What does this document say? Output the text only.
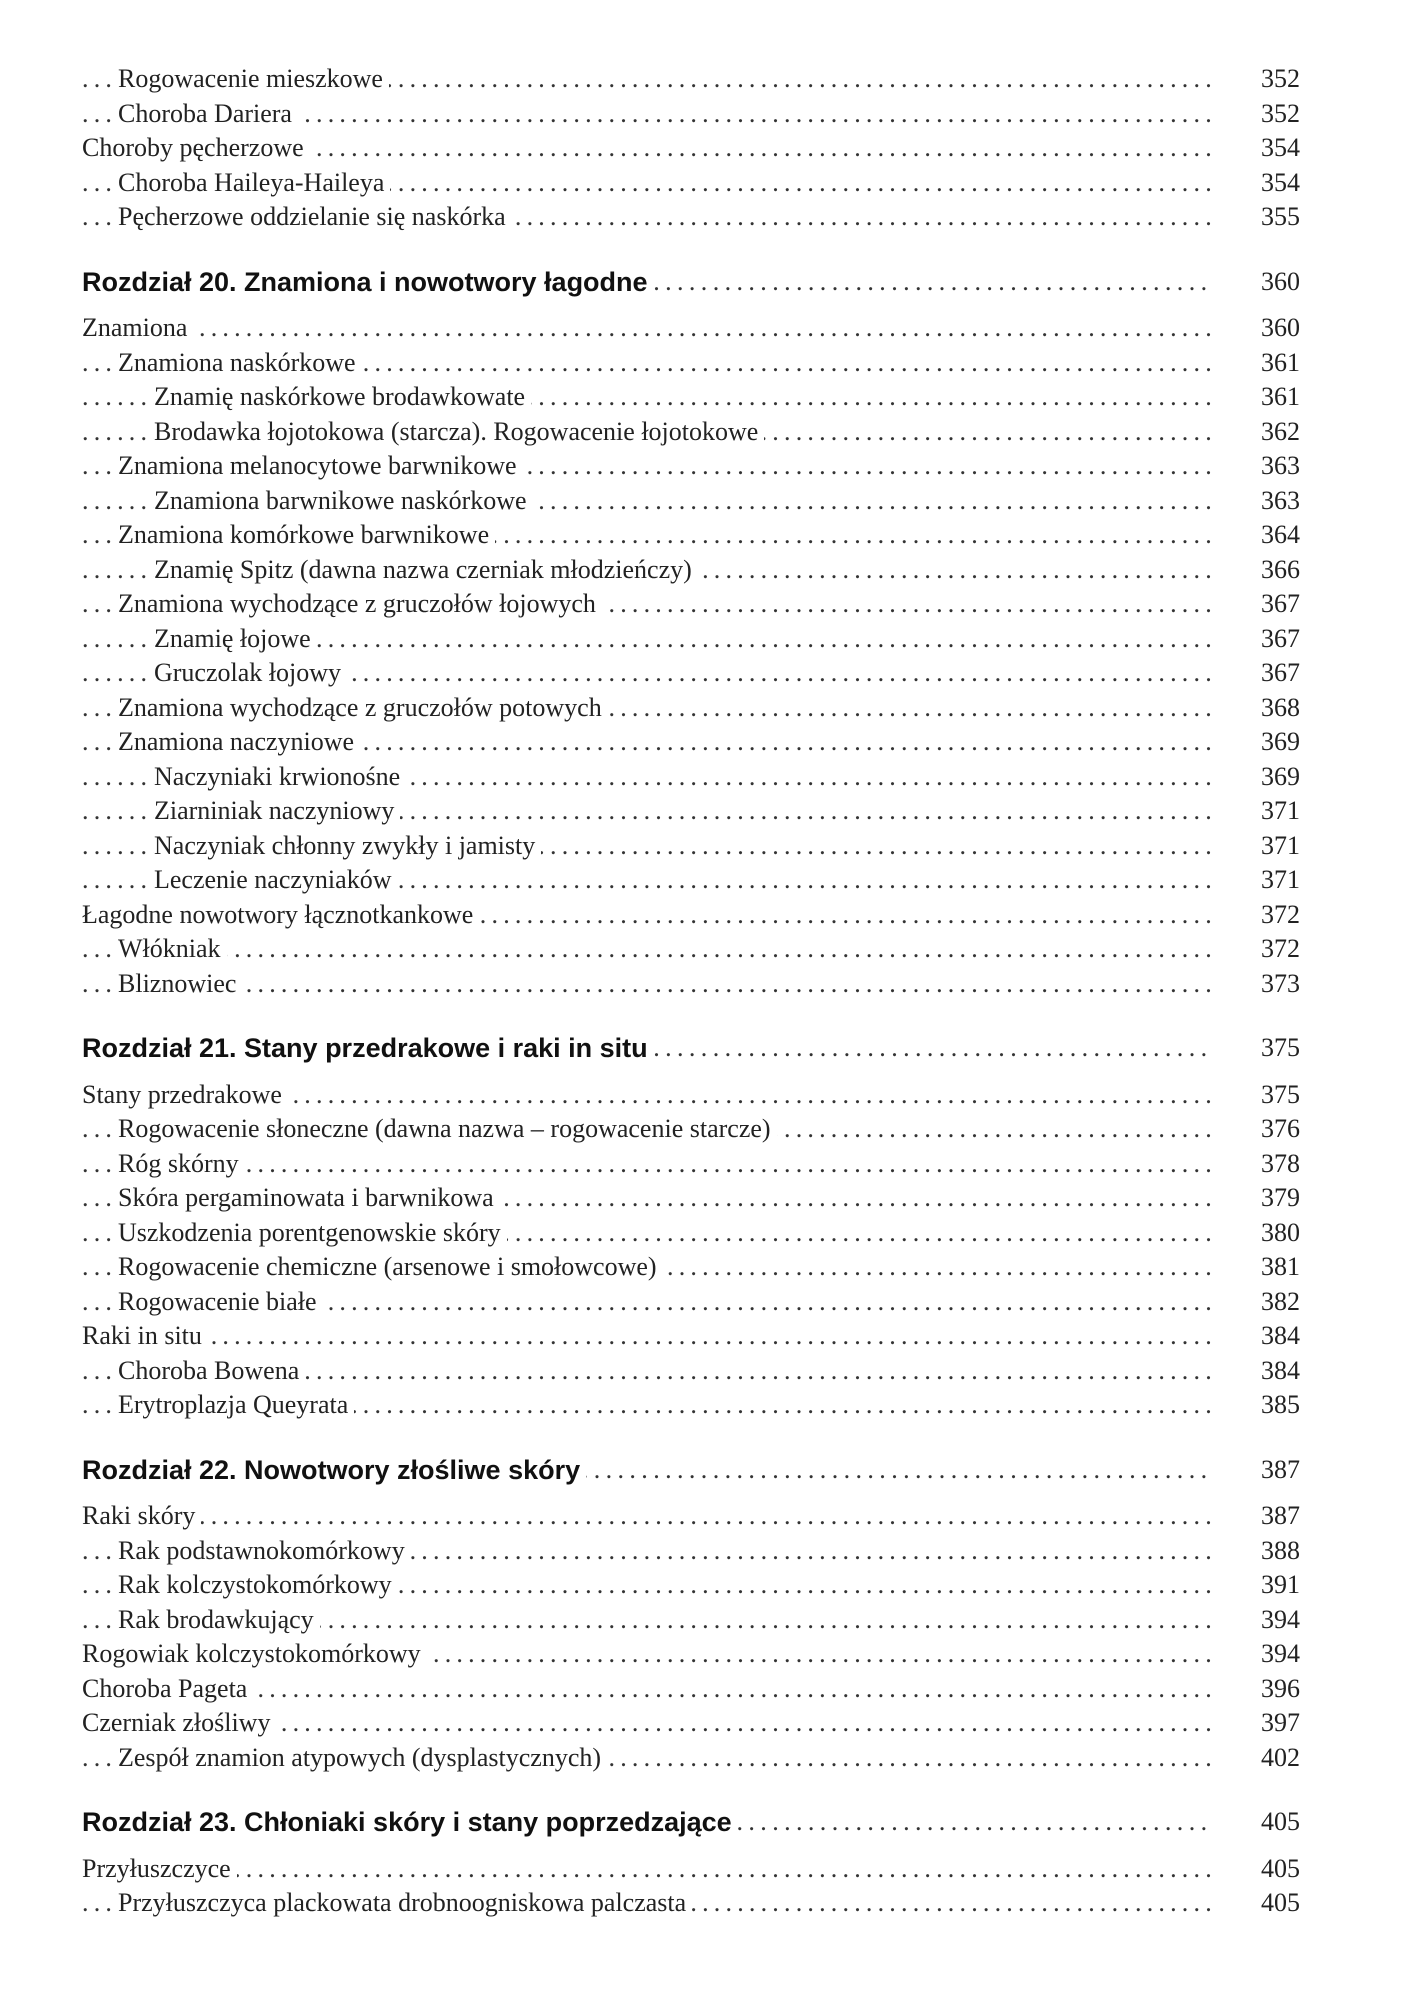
.....
Rogowacenie mieszkowe	352
.....
Choroba Dariera	352
.....
Choroby pęcherzowe	354
.....
Choroba Haileya-Haileya	354
.....
Pęcherzowe oddzielanie się naskórka	355
.....
Rozdział 20. Znamiona i nowotwory łagodne	360
.....
Znamiona	360
.....
Znamiona naskórkowe	361
.....
Znamię naskórkowe brodawkowate	361
.....
Brodawka łojotokowa (starcza). Rogowacenie łojotokowe	362
.....
Znamiona melanocytowe barwnikowe	363
.....
Znamiona barwnikowe naskórkowe	363
.....
Znamiona komórkowe barwnikowe	364
.....
Znamię Spitz (dawna nazwa czerniak młodzieńczy)	366
.....
Znamiona wychodzące z gruczołów łojowych	367
.....
Znamię łojowe	367
.....
Gruczolak łojowy	367
.....
Znamiona wychodzące z gruczołów potowych	368
.....
Znamiona naczyniowe	369
.....
Naczyniaki krwionośne	369
.....
Ziarniniak naczyniowy	371
.....
Naczyniak chłonny zwykły i jamisty	371
.....
Leczenie naczyniaków	371
.....
Łagodne nowotwory łącznotkankowe	372
.....
Włókniak	372
.....
Bliznowiec	373
.....
Rozdział 21. Stany przedrakowe i raki in situ	375
.....
Stany przedrakowe	375
.....
Rogowacenie słoneczne (dawna nazwa – rogowacenie starcze)	376
.....
Róg skórny	378
.....
Skóra pergaminowata i barwnikowa	379
.....
Uszkodzenia porentgenowskie skóry	380
.....
Rogowacenie chemiczne (arsenowe i smołowcowe)	381
.....
Rogowacenie białe	382
.....
Raki in situ	384
.....
Choroba Bowena	384
.....
Erytroplazja Queyrata	385
.....
Rozdział 22. Nowotwory złośliwe skóry	387
.....
Raki skóry	387
.....
Rak podstawnokomórkowy	388
.....
Rak kolczystokomórkowy	391
.....
Rak brodawkujący	394
.....
Rogowiak kolczystokomórkowy	394
.....
Choroba Pageta	396
.....
Czerniak złośliwy	397
.....
Zespół znamion atypowych (dysplastycznych)	402
.....
Rozdział 23. Chłoniaki skóry i stany poprzedzające	405
.....
Przyłuszczyce	405
.....
Przyłuszczyca plackowata drobnoogniskowa palczasta	405
